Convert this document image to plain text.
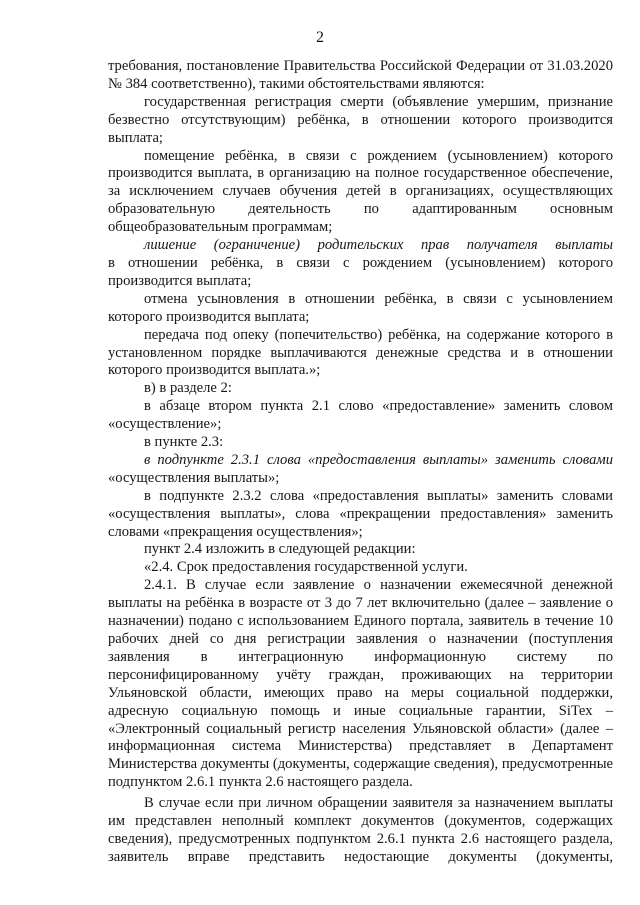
2

требования, постановление Правительства Российской Федерации от 31.03.2020 № 384 соответственно), такими обстоятельствами являются:

государственная регистрация смерти (объявление умершим, признание безвестно отсутствующим) ребёнка, в отношении которого производится выплата;

помещение ребёнка, в связи с рождением (усыновлением) которого производится выплата, в организацию на полное государственное обеспечение, за исключением случаев обучения детей в организациях, осуществляющих образовательную деятельность по адаптированным основным общеобразовательным программам;

лишение (ограничение) родительских прав получателя выплаты

в отношении ребёнка, в связи с рождением (усыновлением) которого производится выплата;

отмена усыновления в отношении ребёнка, в связи с усыновлением которого производится выплата;

передача под опеку (попечительство) ребёнка, на содержание которого в установленном порядке выплачиваются денежные средства и в отношении которого производится выплата.»;

в) в разделе 2:

в абзаце втором пункта 2.1 слово «предоставление» заменить словом «осуществление»;

в пункте 2.3:

в подпункте 2.3.1 слова «предоставления выплаты» заменить словами «осуществления выплаты»;

в подпункте 2.3.2 слова «предоставления выплаты» заменить словами «осуществления выплаты», слова «прекращении предоставления» заменить словами «прекращения осуществления»;

пункт 2.4 изложить в следующей редакции:

«2.4. Срок предоставления государственной услуги.

2.4.1. В случае если заявление о назначении ежемесячной денежной выплаты на ребёнка в возрасте от 3 до 7 лет включительно (далее – заявление о назначении) подано с использованием Единого портала, заявитель в течение 10 рабочих дней со дня регистрации заявления о назначении (поступления заявления в интеграционную информационную систему по персонифицированному учёту граждан, проживающих на территории Ульяновской области, имеющих право на меры социальной поддержки, адресную социальную помощь и иные социальные гарантии, SiTex – «Электронный социальный регистр населения Ульяновской области» (далее – информационная система Министерства) представляет в Департамент Министерства документы (документы, содержащие сведения), предусмотренные подпунктом 2.6.1 пункта 2.6 настоящего раздела.

В случае если при личном обращении заявителя за назначением выплаты им представлен неполный комплект документов (документов, содержащих сведения), предусмотренных подпунктом 2.6.1 пункта 2.6 настоящего раздела, заявитель вправе представить недостающие документы (документы,
